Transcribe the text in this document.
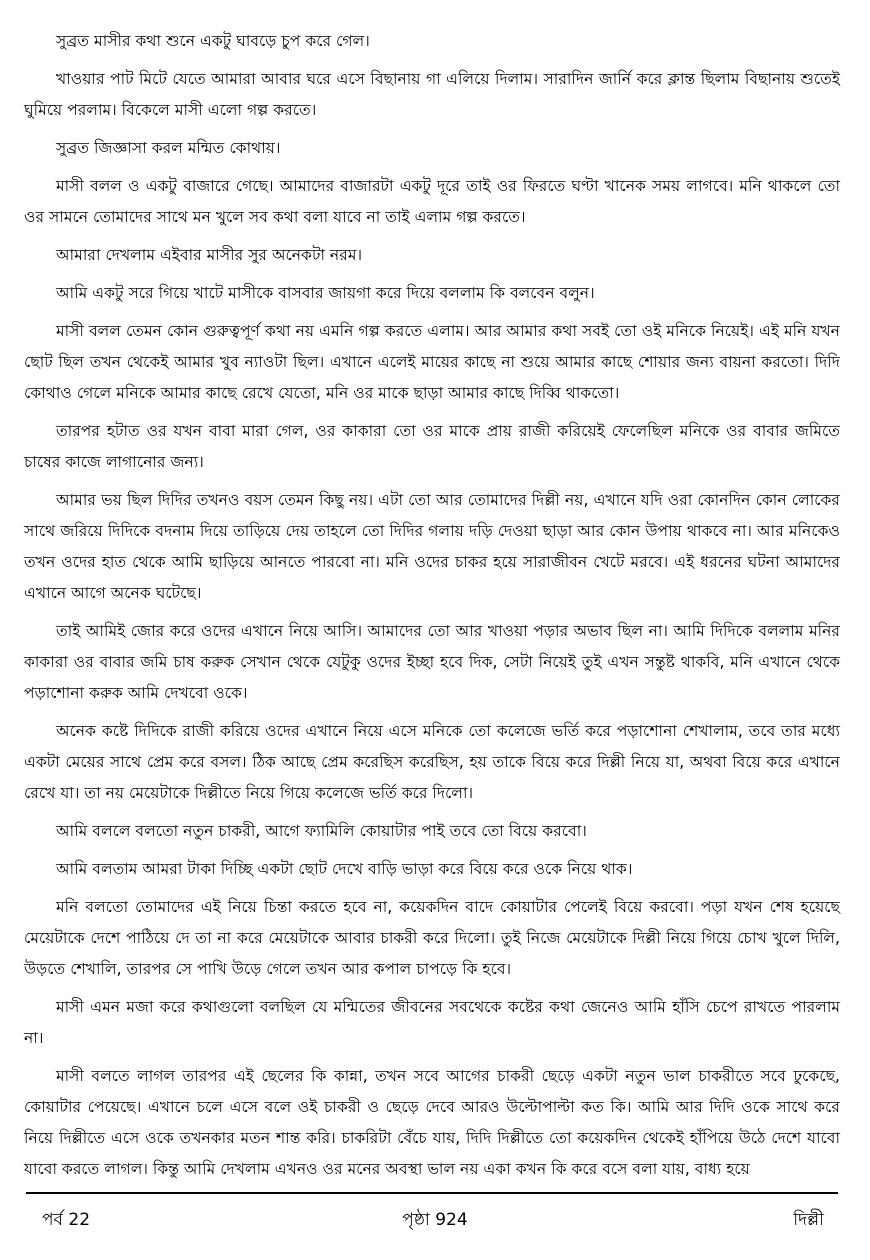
সুব্রত মাসীর কথা শুনে একটু ঘাবড়ে চুপ করে গেল।

খাওয়ার পাট মিটে যেতে আমারা আবার ঘরে এসে বিছানায় গা এলিয়ে দিলাম। সারাদিন জার্নি করে ক্লান্ত ছিলাম বিছানায় শুতেই ঘুমিয়ে পরলাম। বিকেলে মাসী এলো গল্প করতে।

সুব্রত জিজ্ঞাসা করল মন্মিত কোথায়।

মাসী বলল ও একটু বাজারে গেছে। আমাদের বাজারটা একটু দূরে তাই ওর ফিরতে ঘণ্টা খানেক সময় লাগবে। মনি থাকলে তো ওর সামনে তোমাদের সাথে মন খুলে সব কথা বলা যাবে না তাই এলাম গল্প করতে।

আমারা দেখলাম এইবার মাসীর সুর অনেকটা নরম।

আমি একটু সরে গিয়ে খাটে মাসীকে বাসবার জায়গা করে দিয়ে বললাম কি বলবেন বলুন।

মাসী বলল তেমন কোন গুরুত্বপূর্ণ কথা নয় এমনি গল্প করতে এলাম। আর আমার কথা সবই তো ওই মনিকে নিয়েই। এই মনি যখন ছোট ছিল তখন থেকেই আমার খুব ন্যাওটা ছিল। এখানে এলেই মায়ের কাছে না শুয়ে আমার কাছে শোয়ার জন্য বায়না করতো। দিদি কোথাও গেলে মনিকে আমার কাছে রেখে যেতো, মনি ওর মাকে ছাড়া আমার কাছে দিব্বি থাকতো।

তারপর হটাত ওর যখন বাবা মারা গেল, ওর কাকারা তো ওর মাকে প্রায় রাজী করিয়েই ফেলেছিল মনিকে ওর বাবার জমিতে চাষের কাজে লাগানোর জন্য।

আমার ভয় ছিল দিদির তখনও বয়স তেমন কিছু নয়। এটা তো আর তোমাদের দিল্লী নয়, এখানে যদি ওরা কোনদিন কোন লোকের সাথে জরিয়ে দিদিকে বদনাম দিয়ে তাড়িয়ে দেয় তাহলে তো দিদির গলায় দড়ি দেওয়া ছাড়া আর কোন উপায় থাকবে না। আর মনিকেও তখন ওদের হাত থেকে আমি ছাড়িয়ে আনতে পারবো না। মনি ওদের চাকর হয়ে সারাজীবন খেটে মরবে। এই ধরনের ঘটনা আমাদের এখানে আগে অনেক ঘটেছে।

তাই আমিই জোর করে ওদের এখানে নিয়ে আসি। আমাদের তো আর খাওয়া পড়ার অভাব ছিল না। আমি দিদিকে বললাম মনির কাকারা ওর বাবার জমি চাষ করুক সেখান থেকে যেটুকু ওদের ইচ্ছা হবে দিক, সেটা নিয়েই তুই এখন সন্তুষ্ট থাকবি, মনি এখানে থেকে পড়াশোনা করুক আমি দেখবো ওকে।

অনেক কষ্টে দিদিকে রাজী করিয়ে ওদের এখানে নিয়ে এসে মনিকে তো কলেজে ভর্তি করে পড়াশোনা শেখালাম, তবে তার মধ্যে একটা মেয়ের সাথে প্রেম করে বসল। ঠিক আছে প্রেম করেছিস করেছিস, হয় তাকে বিয়ে করে দিল্লী নিয়ে যা, অথবা বিয়ে করে এখানে রেখে যা। তা নয় মেয়েটাকে দিল্লীতে নিয়ে গিয়ে কলেজে ভর্তি করে দিলো।

আমি বললে বলতো নতুন চাকরী, আগে ফ্যামিলি কোয়াটার পাই তবে তো বিয়ে করবো।

আমি বলতাম আমরা টাকা দিচ্ছি একটা ছোট দেখে বাড়ি ভাড়া করে বিয়ে করে ওকে নিয়ে থাক।

মনি বলতো তোমাদের এই নিয়ে চিন্তা করতে হবে না, কয়েকদিন বাদে কোয়াটার পেলেই বিয়ে করবো। পড়া যখন শেষ হয়েছে মেয়েটাকে দেশে পাঠিয়ে দে তা না করে মেয়েটাকে আবার চাকরী করে দিলো। তুই নিজে মেয়েটাকে দিল্লী নিয়ে গিয়ে চোখ খুলে দিলি, উড়তে শেখালি, তারপর সে পাখি উড়ে গেলে তখন আর কপাল চাপড়ে কি হবে।

মাসী এমন মজা করে কথাগুলো বলছিল যে মন্মিতের জীবনের সবথেকে কষ্টের কথা জেনেও আমি হাঁসি চেপে রাখতে পারলাম না।

মাসী বলতে লাগল তারপর এই ছেলের কি কান্না, তখন সবে আগের চাকরী ছেড়ে একটা নতুন ভাল চাকরীতে সবে ঢুকেছে, কোয়াটার পেয়েছে। এখানে চলে এসে বলে ওই চাকরী ও ছেড়ে দেবে আরও উল্টোপাল্টা কত কি। আমি আর দিদি ওকে সাথে করে নিয়ে দিল্লীতে এসে ওকে তখনকার মতন শান্ত করি। চাকরিটা বেঁচে যায়, দিদি দিল্লীতে তো কয়েকদিন থেকেই হাঁপিয়ে উঠে দেশে যাবো যাবো করতে লাগল। কিন্তু আমি দেখলাম এখনও ওর মনের অবস্থা ভাল নয় একা কখন কি করে বসে বলা যায়, বাধ্য হয়ে

পর্ব 22	পৃষ্ঠা 924	দিল্লী
